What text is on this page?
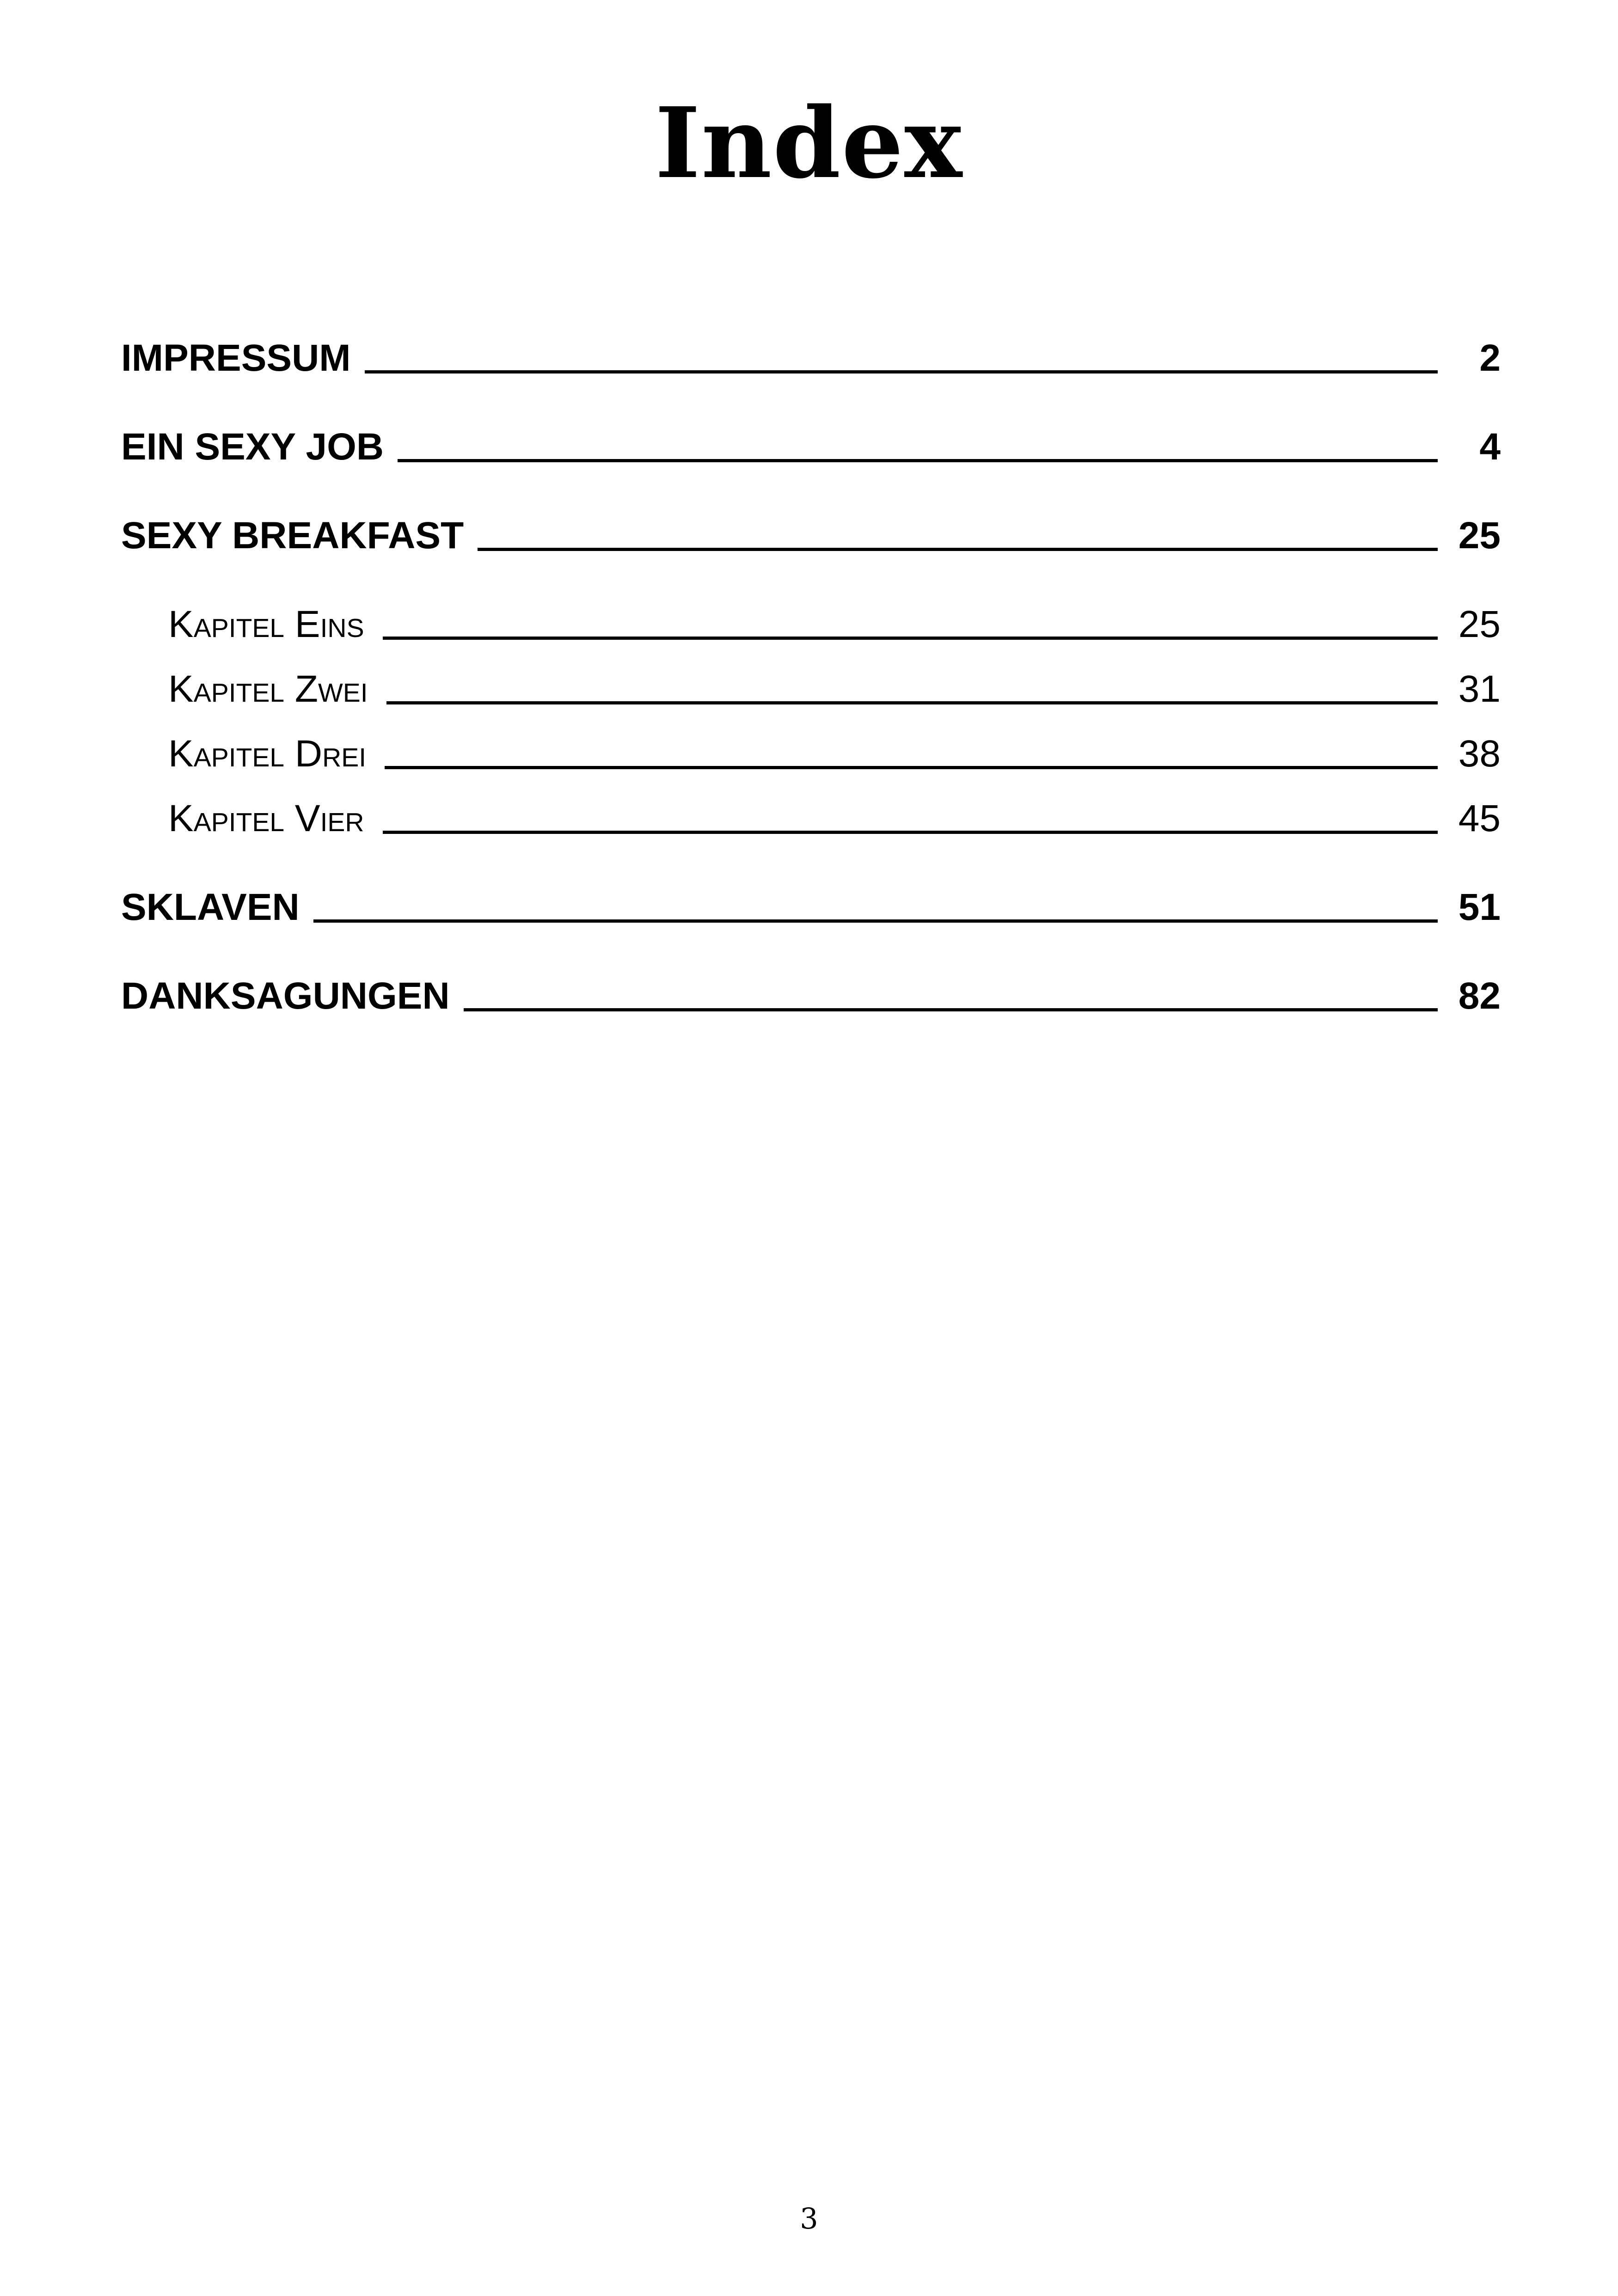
Index
IMPRESSUM	2
EIN SEXY JOB	4
SEXY BREAKFAST	25
Kapitel Eins	25
Kapitel Zwei	31
Kapitel Drei	38
Kapitel Vier	45
SKLAVEN	51
DANKSAGUNGEN	82
3
